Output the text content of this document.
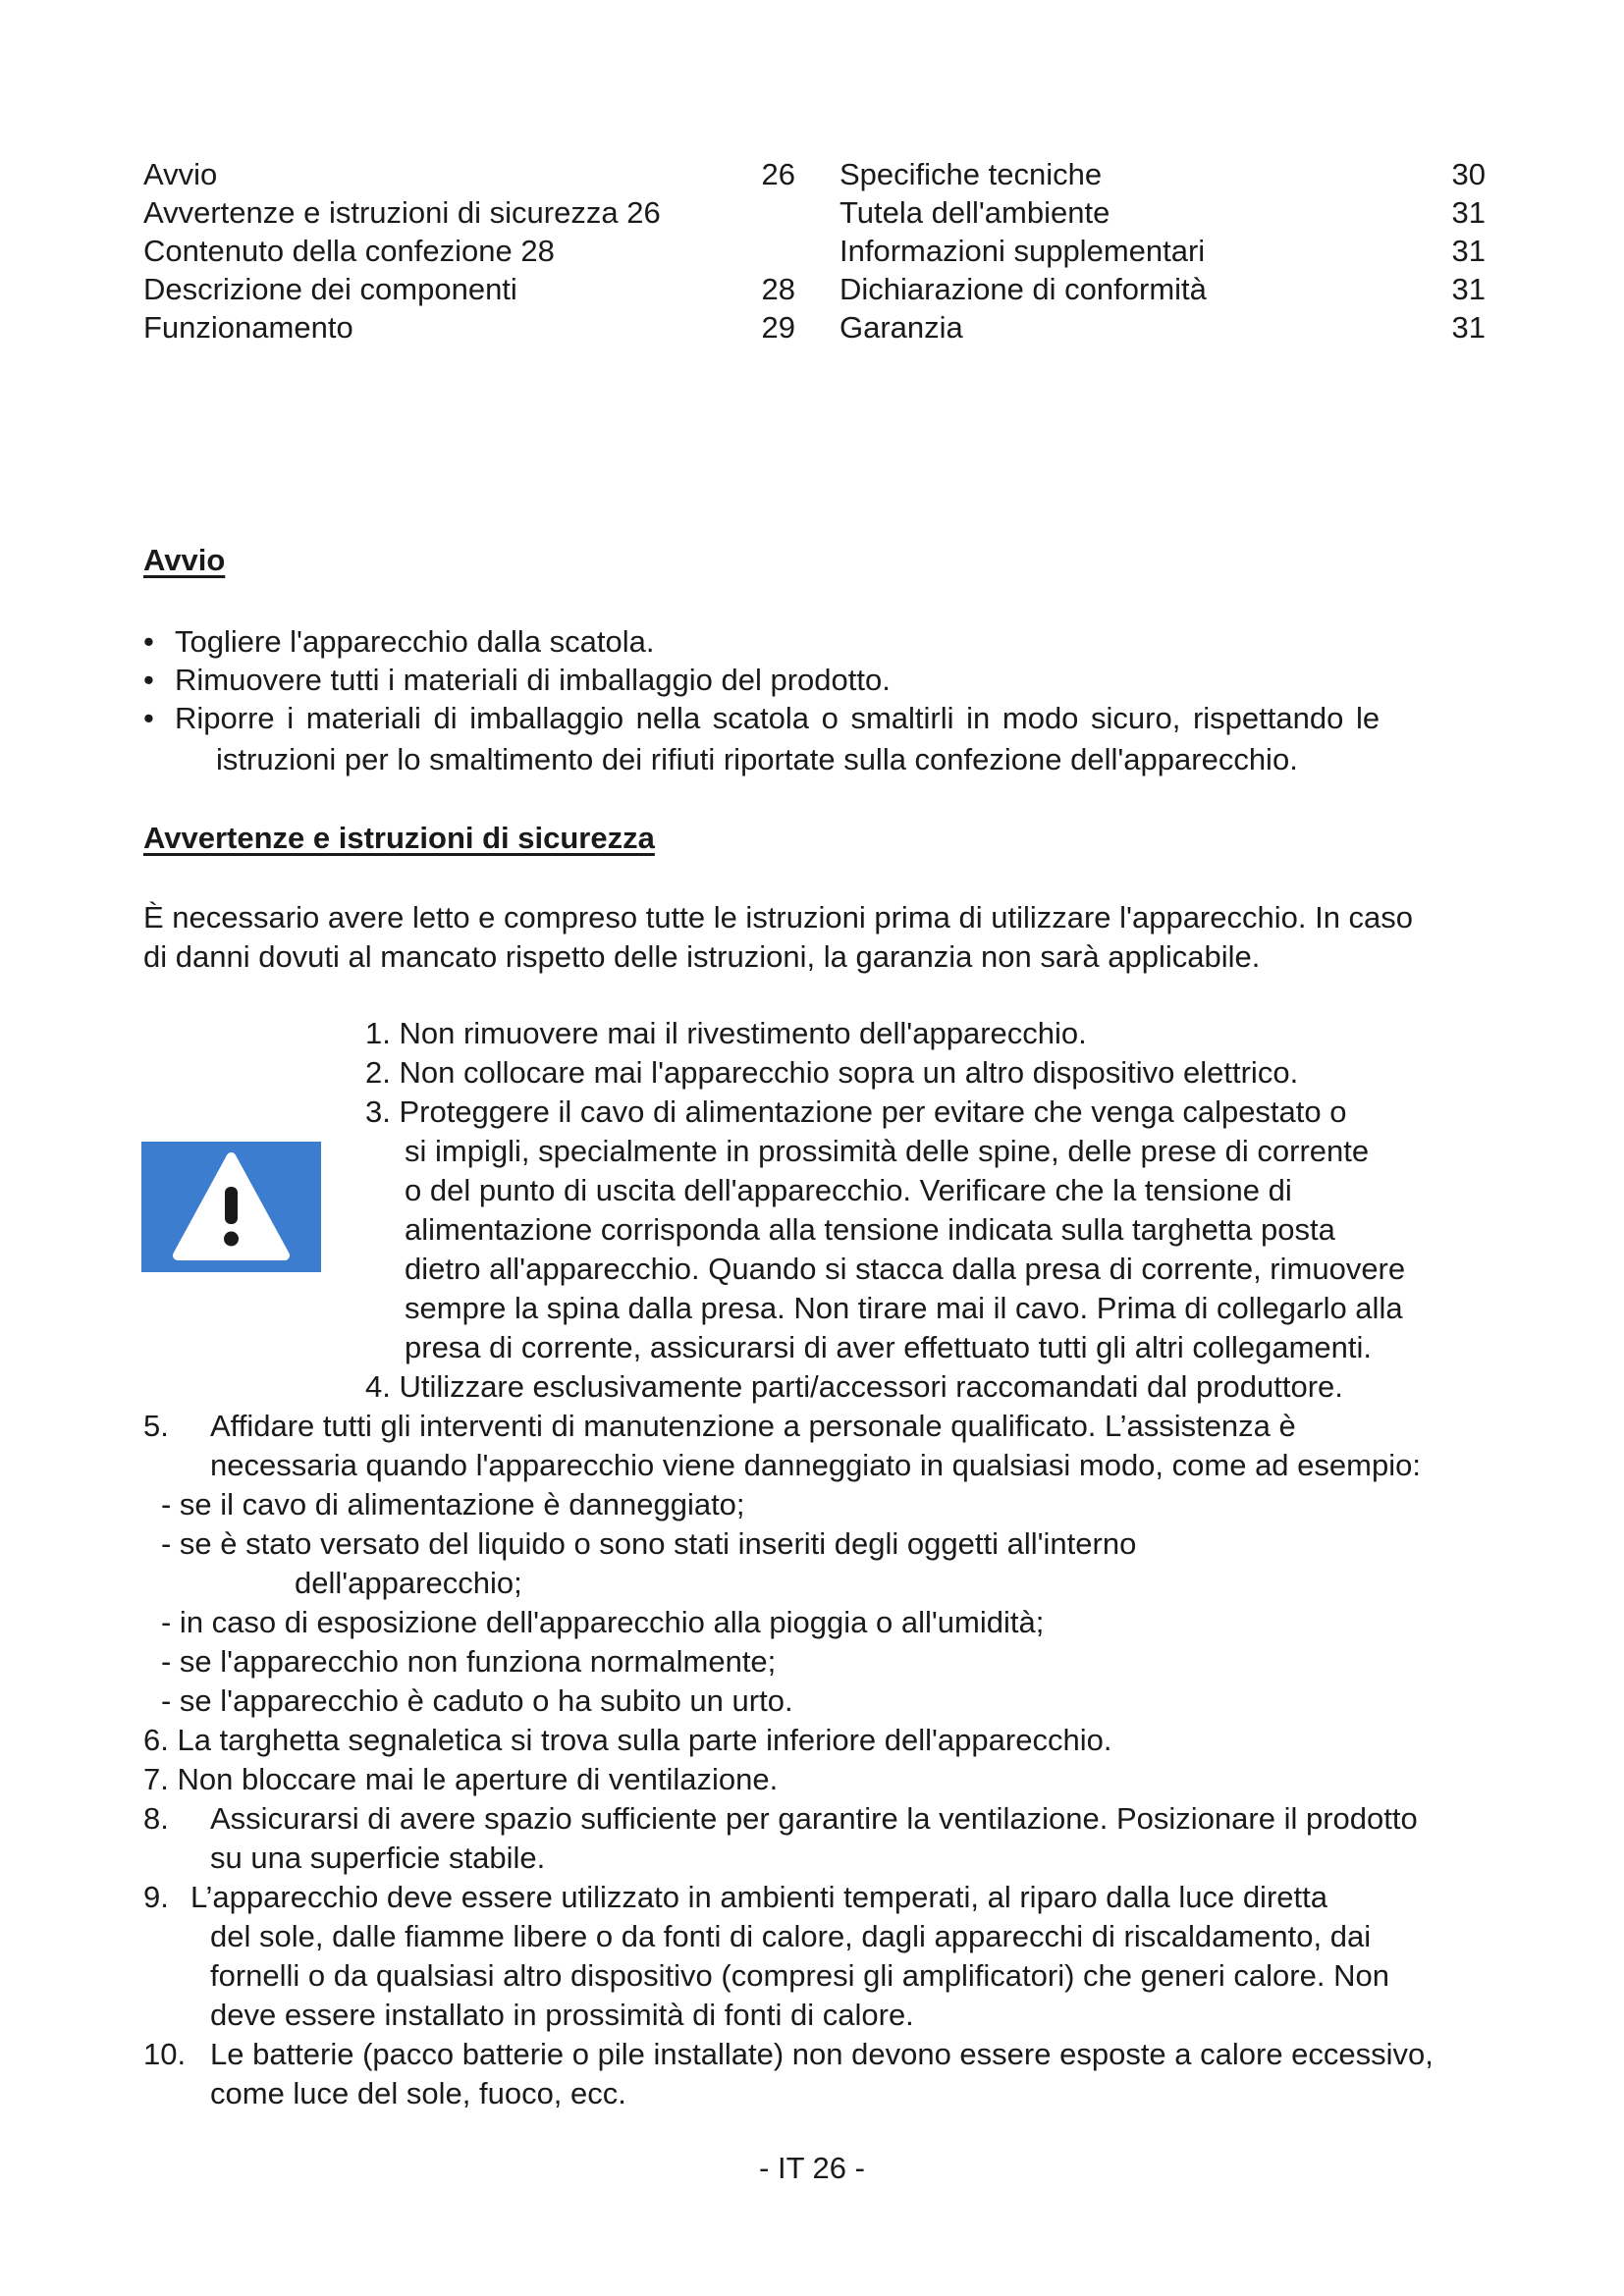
Avvio	26
Avvertenze e istruzioni di sicurezza 26
Contenuto della confezione 28
Descrizione dei componenti	28
Funzionamento	29
Specifiche tecniche	30
Tutela dell'ambiente	31
Informazioni supplementari	31
Dichiarazione di conformità	31
Garanzia	31
Avvio
• Togliere l'apparecchio dalla scatola.
• Rimuovere tutti i materiali di imballaggio del prodotto.
• Riporre i materiali di imballaggio nella scatola o smaltirli in modo sicuro, rispettando le
istruzioni per lo smaltimento dei rifiuti riportate sulla confezione dell'apparecchio.
Avvertenze e istruzioni di sicurezza
È necessario avere letto e compreso tutte le istruzioni prima di utilizzare l'apparecchio. In caso
di danni dovuti al mancato rispetto delle istruzioni, la garanzia non sarà applicabile.
1. Non rimuovere mai il rivestimento dell'apparecchio.
2. Non collocare mai l'apparecchio sopra un altro dispositivo elettrico.
3. Proteggere il cavo di alimentazione per evitare che venga calpestato o
si impigli, specialmente in prossimità delle spine, delle prese di corrente
o del punto di uscita dell'apparecchio. Verificare che la tensione di
alimentazione corrisponda alla tensione indicata sulla targhetta posta
dietro all'apparecchio. Quando si stacca dalla presa di corrente, rimuovere
sempre la spina dalla presa. Non tirare mai il cavo. Prima di collegarlo alla
presa di corrente, assicurarsi di aver effettuato tutti gli altri collegamenti.
4. Utilizzare esclusivamente parti/accessori raccomandati dal produttore.
5. Affidare tutti gli interventi di manutenzione a personale qualificato. L’assistenza è
necessaria quando l'apparecchio viene danneggiato in qualsiasi modo, come ad esempio:
- se il cavo di alimentazione è danneggiato;
- se è stato versato del liquido o sono stati inseriti degli oggetti all'interno
dell'apparecchio;
- in caso di esposizione dell'apparecchio alla pioggia o all'umidità;
- se l'apparecchio non funziona normalmente;
- se l'apparecchio è caduto o ha subito un urto.
6. La targhetta segnaletica si trova sulla parte inferiore dell'apparecchio.
7. Non bloccare mai le aperture di ventilazione.
8. Assicurarsi di avere spazio sufficiente per garantire la ventilazione. Posizionare il prodotto
su una superficie stabile.
9. L’apparecchio deve essere utilizzato in ambienti temperati, al riparo dalla luce diretta
del sole, dalle fiamme libere o da fonti di calore, dagli apparecchi di riscaldamento, dai
fornelli o da qualsiasi altro dispositivo (compresi gli amplificatori) che generi calore. Non
deve essere installato in prossimità di fonti di calore.
10. Le batterie (pacco batterie o pile installate) non devono essere esposte a calore eccessivo,
come luce del sole, fuoco, ecc.
- IT 26 -
